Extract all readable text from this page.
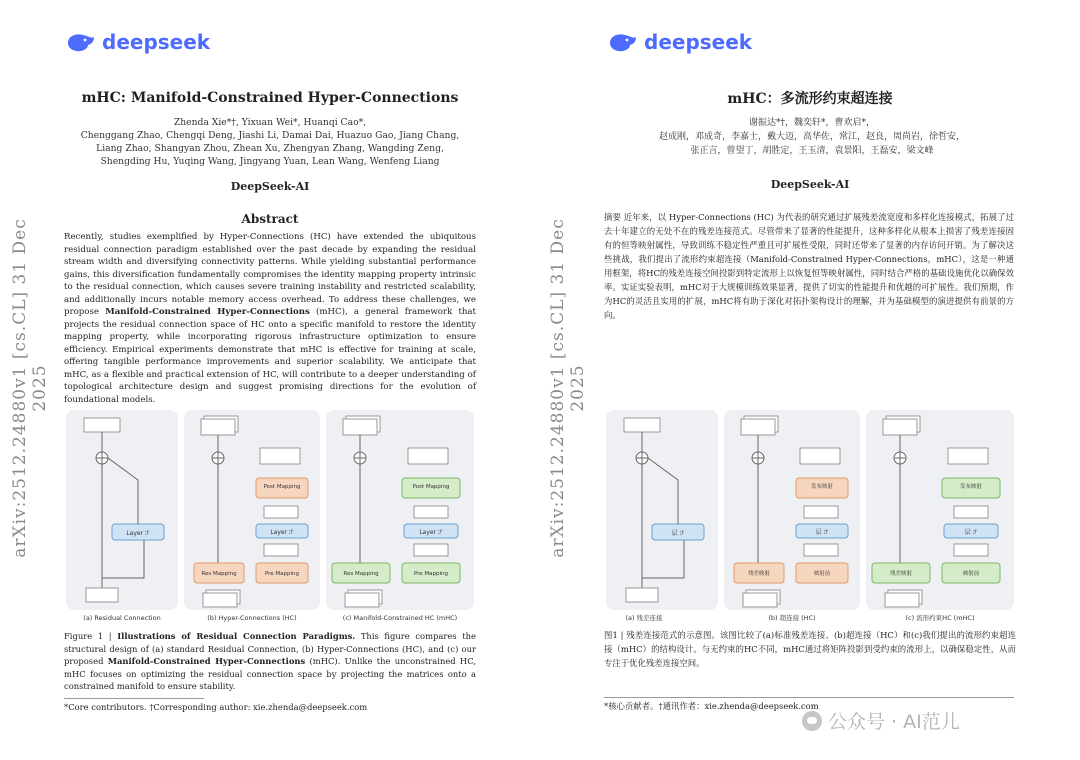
deepseek
arXiv:2512.24880v1 [cs.CL] 31 Dec 2025
mHC: Manifold-Constrained Hyper-Connections
Zhenda Xie*†, Yixuan Wei*, Huanqi Cao*,
Chenggang Zhao, Chengqi Deng, Jiashi Li, Damai Dai, Huazuo Gao, Jiang Chang,
Liang Zhao, Shangyan Zhou, Zhean Xu, Zhengyan Zhang, Wangding Zeng,
Shengding Hu, Yuqing Wang, Jingyang Yuan, Lean Wang, Wenfeng Liang
DeepSeek-AI
Abstract
Recently, studies exemplified by Hyper-Connections (HC) have extended the ubiquitous residual connection paradigm established over the past decade by expanding the residual stream width and diversifying connectivity patterns. While yielding substantial performance gains, this diversification fundamentally compromises the identity mapping property intrinsic to the residual connection, which causes severe training instability and restricted scalability, and additionally incurs notable memory access overhead. To address these challenges, we propose Manifold-Constrained Hyper-Connections (mHC), a general framework that projects the residual connection space of HC onto a specific manifold to restore the identity mapping property, while incorporating rigorous infrastructure optimization to ensure efficiency. Empirical experiments demonstrate that mHC is effective for training at scale, offering tangible performance improvements and superior scalability. We anticipate that mHC, as a flexible and practical extension of HC, will contribute to a deeper understanding of topological architecture design and suggest promising directions for the evolution of foundational models.
Layer ℱ
Post Mapping
Layer ℱ
Res Mapping	Pre Mapping
Post Mapping
Layer ℱ
Res Mapping	Pre Mapping
(a) Residual Connection	(b) Hyper-Connections (HC)	(c) Manifold-Constrained HC (mHC)
Figure 1 | Illustrations of Residual Connection Paradigms. This figure compares the structural design of (a) standard Residual Connection, (b) Hyper-Connections (HC), and (c) our proposed Manifold-Constrained Hyper-Connections (mHC). Unlike the unconstrained HC, mHC focuses on optimizing the residual connection space by projecting the matrices onto a constrained manifold to ensure stability.
*Core contributors. †Corresponding author: xie.zhenda@deepseek.com
deepseek
arXiv:2512.24880v1 [cs.CL] 31 Dec 2025
mHC：多流形约束超连接
谢振达*†，魏奕轩*，曹欢启*，
赵成刚，邓成奇，李嘉士，戴大迈，高华佐，常江，赵良，周尚岩，徐哲安，
张正言，曾望丁，胡胜定，王玉清，袁景阳，王磊安，梁文峰
DeepSeek-AI
摘要 近年来，以 Hyper-Connections (HC) 为代表的研究通过扩展残差流宽度和多样化连接模式，拓展了过去十年建立的无处不在的残差连接范式。尽管带来了显著的性能提升，这种多样化从根本上损害了残差连接固有的恒等映射属性，导致训练不稳定性严重且可扩展性受限，同时还带来了显著的内存访问开销。为了解决这些挑战，我们提出了流形约束超连接（Manifold-Constrained Hyper-Connections，mHC），这是一种通用框架，将HC的残差连接空间投影到特定流形上以恢复恒等映射属性，同时结合严格的基础设施优化以确保效率。实证实验表明，mHC对于大规模训练效果显著，提供了切实的性能提升和优越的可扩展性。我们预期，作为HC的灵活且实用的扩展，mHC将有助于深化对拓扑架构设计的理解，并为基础模型的演进提供有前景的方向。
层 ℱ
发布映射
层 ℱ
残差映射	映射前
发布映射
层 ℱ
残差映射	映射前
(a) 残差连接	(b) 超连接 (HC)	(c) 流形约束HC (mHC)
图1 | 残差连接范式的示意图。该图比较了(a)标准残差连接、(b)超连接（HC）和(c)我们提出的流形约束超连接（mHC）的结构设计。与无约束的HC不同，mHC通过将矩阵投影到受约束的流形上，以确保稳定性，从而专注于优化残差连接空间。
*核心贡献者。†通讯作者：xie.zhenda@deepseek.com
公众号 · AI范儿
